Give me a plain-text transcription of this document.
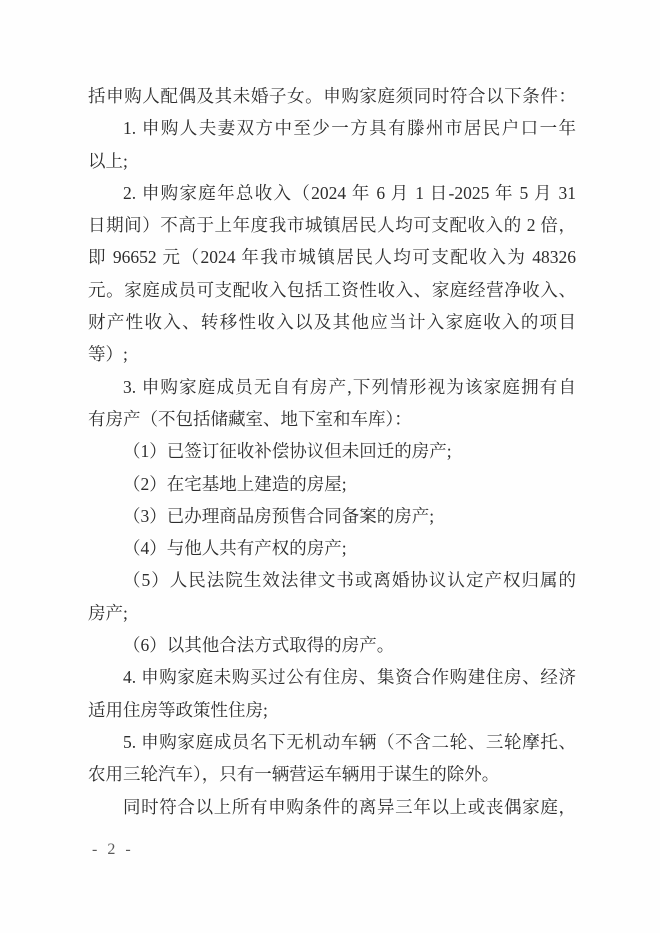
括申购人配偶及其未婚子女。申购家庭须同时符合以下条件：

1. 申购人夫妻双方中至少一方具有滕州市居民户口一年

以上;

2. 申购家庭年总收入（2024 年 6 月 1 日-2025 年 5 月 31

日期间）不高于上年度我市城镇居民人均可支配收入的 2 倍，

即 96652 元（2024 年我市城镇居民人均可支配收入为 48326

元。家庭成员可支配收入包括工资性收入、家庭经营净收入、

财产性收入、转移性收入以及其他应当计入家庭收入的项目

等）;

3. 申购家庭成员无自有房产,下列情形视为该家庭拥有自

有房产（不包括储藏室、地下室和车库）：

（1）已签订征收补偿协议但未回迁的房产;

（2）在宅基地上建造的房屋;

（3）已办理商品房预售合同备案的房产;

（4）与他人共有产权的房产;

（5）人民法院生效法律文书或离婚协议认定产权归属的

房产;

（6）以其他合法方式取得的房产。

4. 申购家庭未购买过公有住房、集资合作购建住房、经济

适用住房等政策性住房;

5. 申购家庭成员名下无机动车辆（不含二轮、三轮摩托、

农用三轮汽车），只有一辆营运车辆用于谋生的除外。

同时符合以上所有申购条件的离异三年以上或丧偶家庭，

- 2 -
